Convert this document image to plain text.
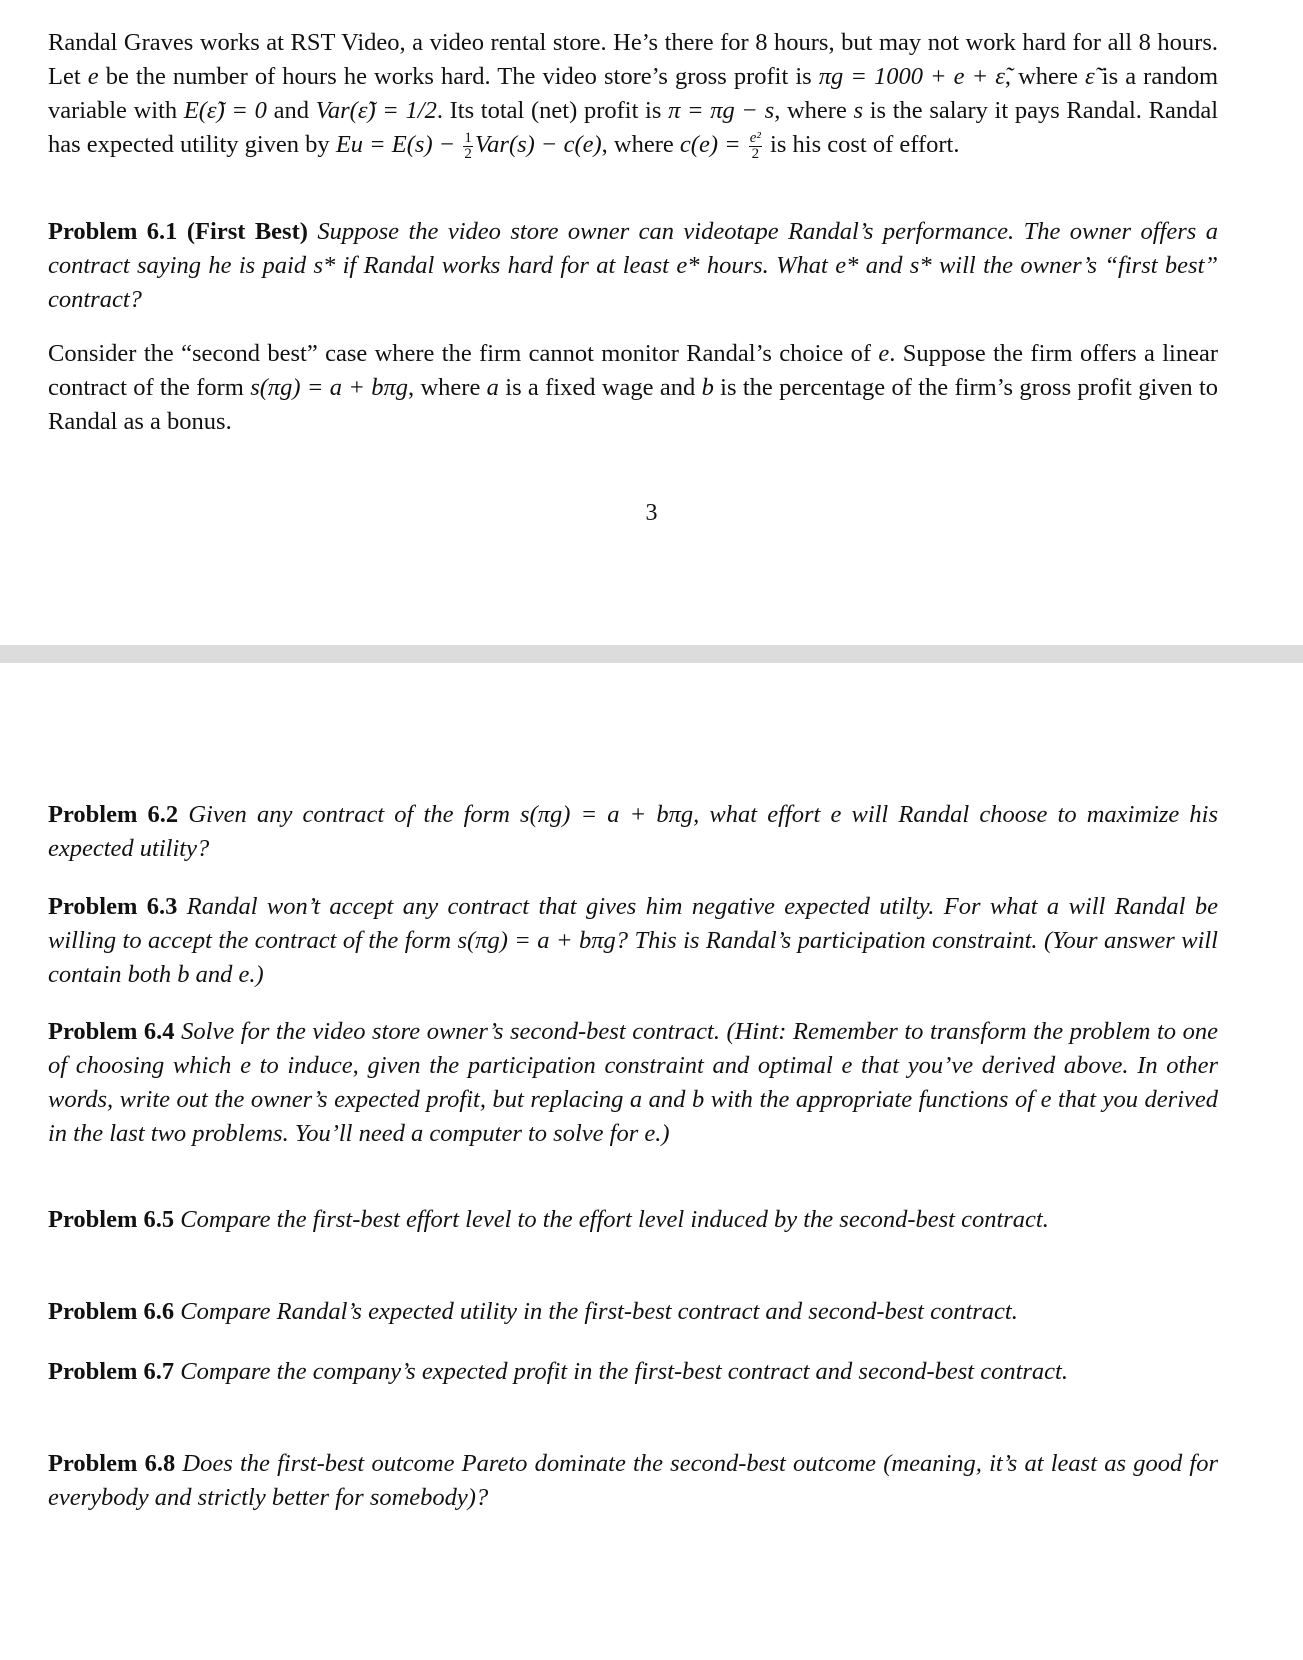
Randal Graves works at RST Video, a video rental store. He’s there for 8 hours, but may not work hard for all 8 hours. Let e be the number of hours he works hard. The video store’s gross profit is πg = 1000 + e + ε̃, where ε̃ is a random variable with E(ε̃) = 0 and Var(ε̃) = 1/2. Its total (net) profit is π = πg − s, where s is the salary it pays Randal. Randal has expected utility given by $Eu = E(s) - \frac{1}{2} Var(s) - c(e)$, where $c(e) = \frac{\text{e²}}{2}$ is his cost of effort.
Problem 6.1 (First Best) Suppose the video store owner can videotape Randal’s performance. The owner offers a contract saying he is paid s* if Randal works hard for at least e* hours. What e* and s* will the owner’s “first best” contract?
Consider the “second best” case where the firm cannot monitor Randal’s choice of e. Suppose the firm offers a linear contract of the form s(πg) = a + bπg, where a is a fixed wage and b is the percentage of the firm’s gross profit given to Randal as a bonus.
3
Problem 6.2 Given any contract of the form s(πg) = a + bπg, what effort e will Randal choose to maximize his expected utility?
Problem 6.3 Randal won’t accept any contract that gives him negative expected utilty. For what a will Randal be willing to accept the contract of the form s(πg) = a + bπg? This is Randal’s participation constraint. (Your answer will contain both b and e.)
Problem 6.4 Solve for the video store owner’s second-best contract. (Hint: Remember to transform the problem to one of choosing which e to induce, given the participation constraint and optimal e that you’ve derived above. In other words, write out the owner’s expected profit, but replacing a and b with the appropriate functions of e that you derived in the last two problems. You’ll need a computer to solve for e.)
Problem 6.5 Compare the first-best effort level to the effort level induced by the second-best contract.
Problem 6.6 Compare Randal’s expected utility in the first-best contract and second-best contract.
Problem 6.7 Compare the company’s expected profit in the first-best contract and second-best contract.
Problem 6.8 Does the first-best outcome Pareto dominate the second-best outcome (meaning, it’s at least as good for everybody and strictly better for somebody)?
